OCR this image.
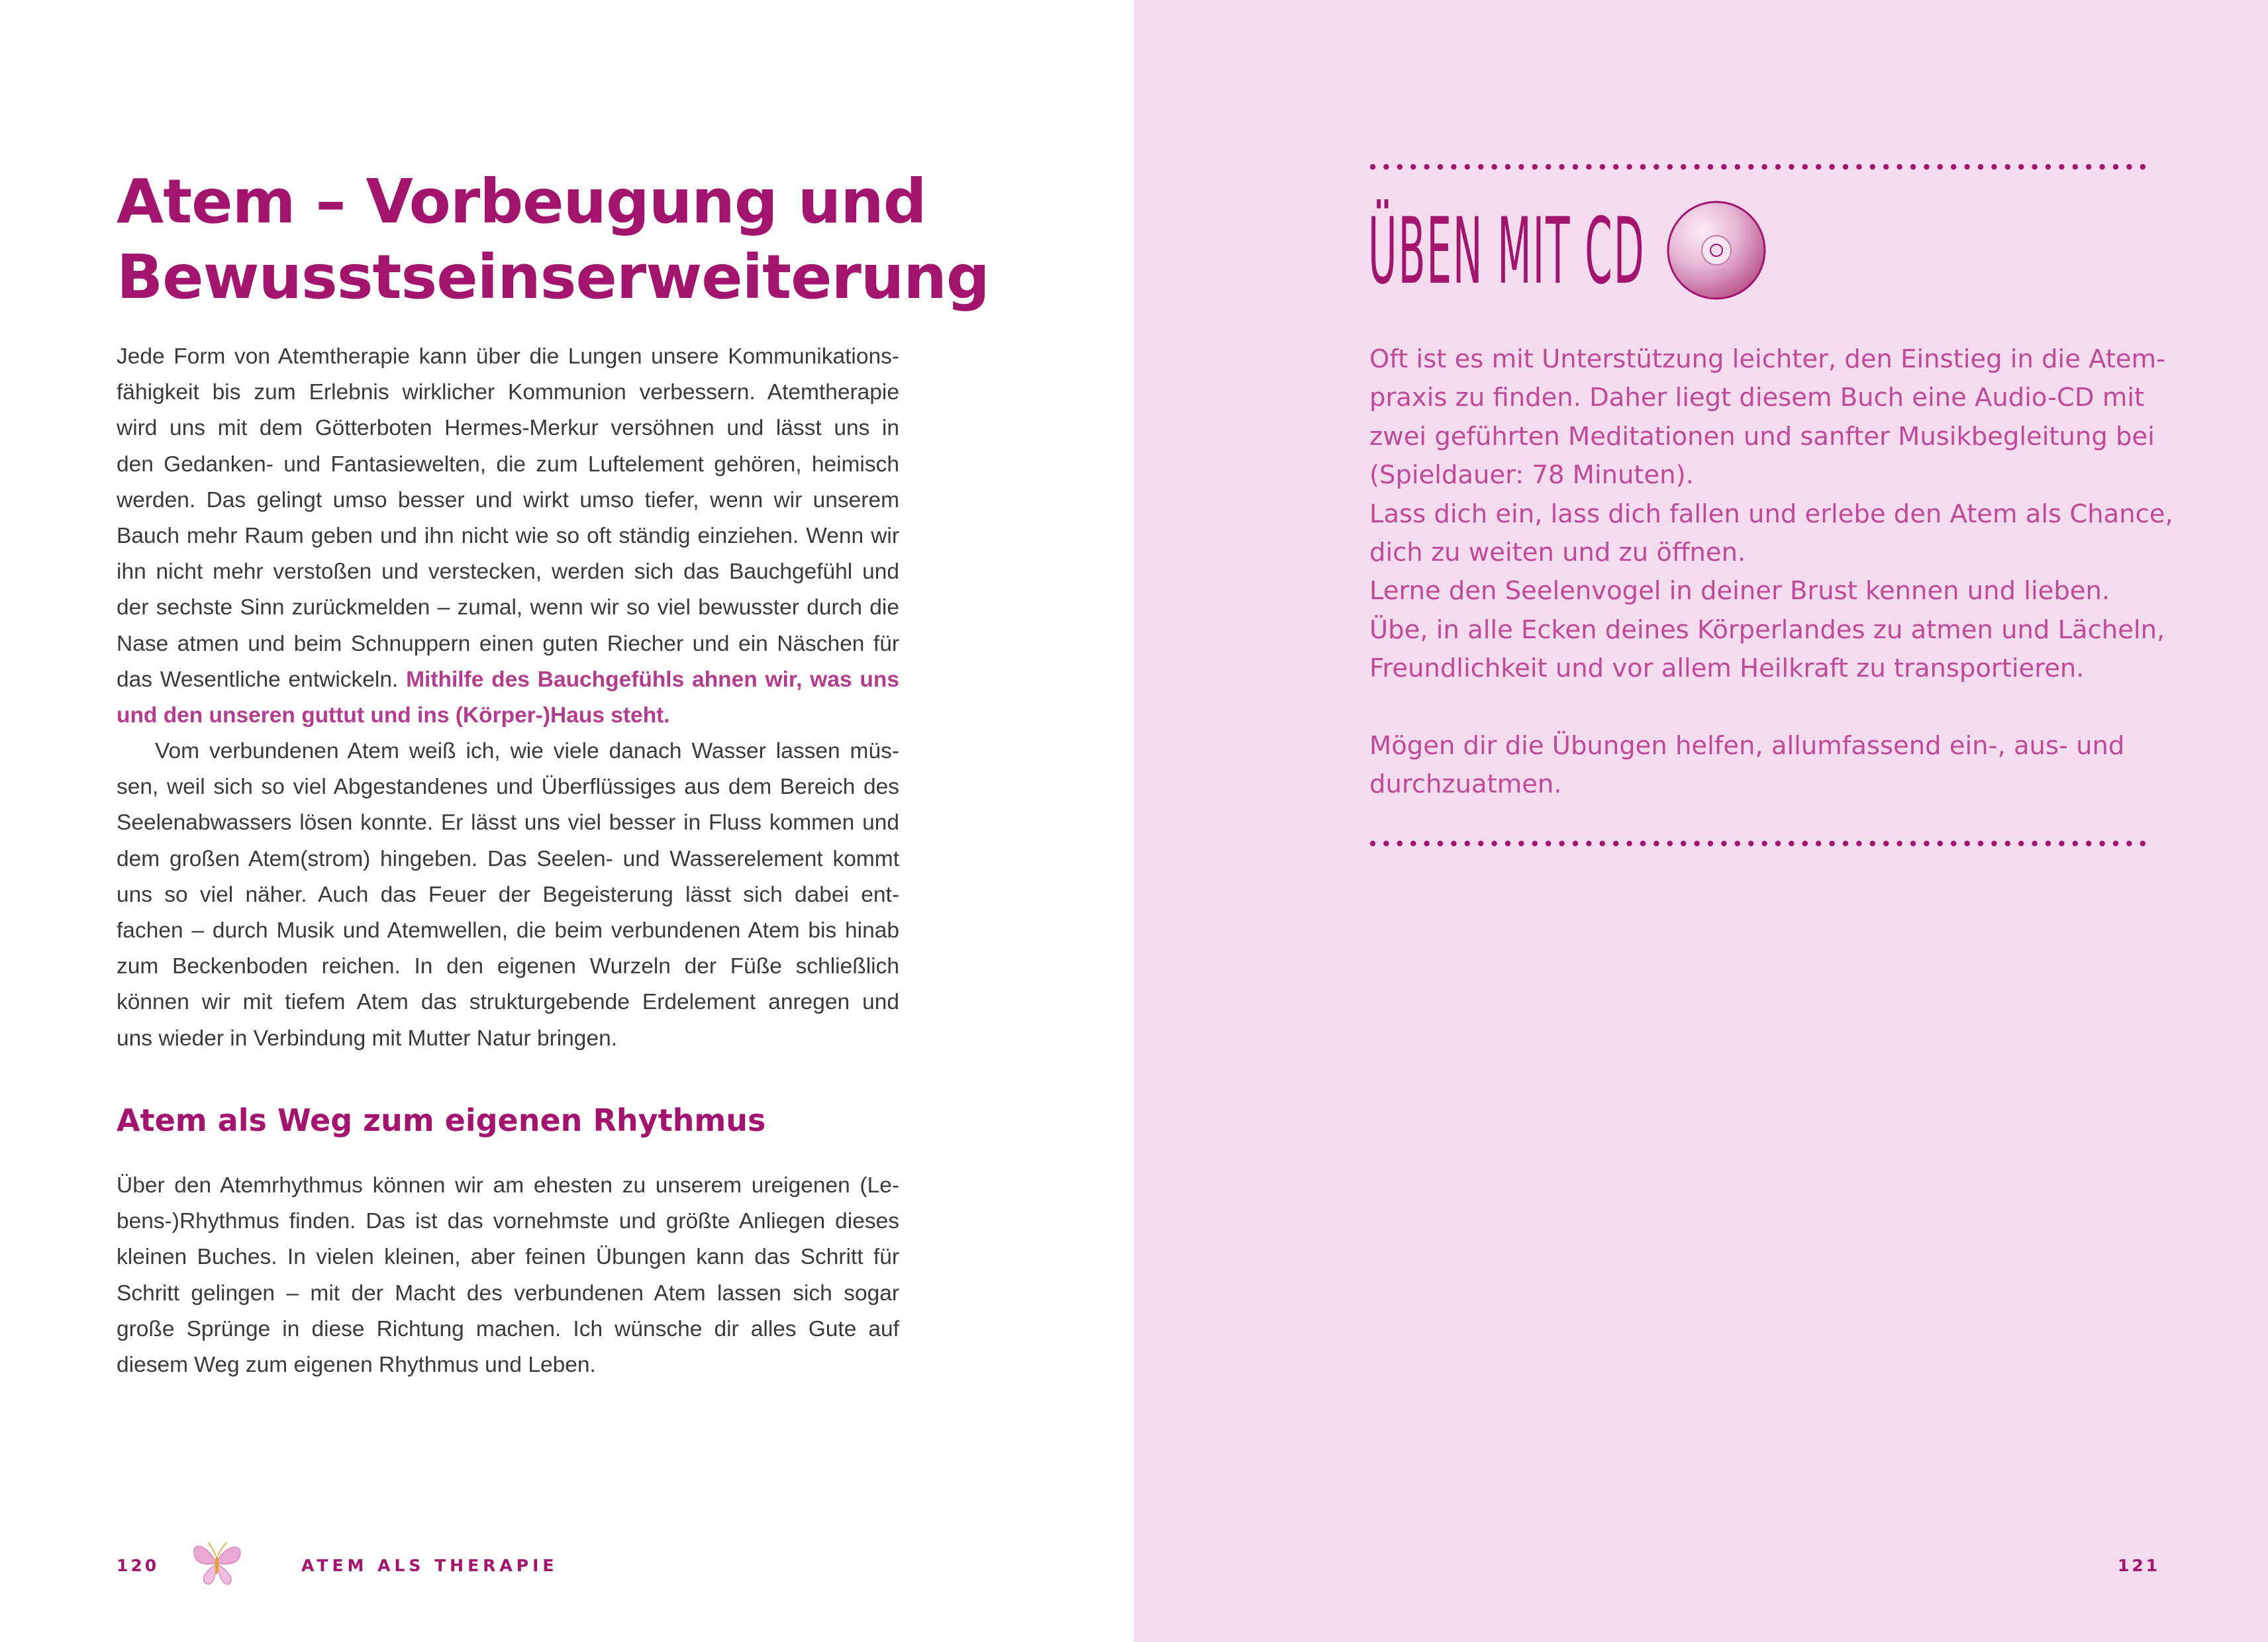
Atem – Vorbeugung und
Bewusstseinserweiterung
Jede Form von Atemtherapie kann über die Lungen unsere Kommunikations-
fähigkeit bis zum Erlebnis wirklicher Kommunion verbessern. Atemtherapie
wird uns mit dem Götterboten Hermes-Merkur versöhnen und lässt uns in
den Gedanken- und Fantasiewelten, die zum Luftelement gehören, heimisch
werden. Das gelingt umso besser und wirkt umso tiefer, wenn wir unserem
Bauch mehr Raum geben und ihn nicht wie so oft ständig einziehen. Wenn wir
ihn nicht mehr verstoßen und verstecken, werden sich das Bauchgefühl und
der sechste Sinn zurückmelden – zumal, wenn wir so viel bewusster durch die
Nase atmen und beim Schnuppern einen guten Riecher und ein Näschen für
das Wesentliche entwickeln. Mithilfe des Bauchgefühls ahnen wir, was uns
und den unseren guttut und ins (Körper-)Haus steht.
Vom verbundenen Atem weiß ich, wie viele danach Wasser lassen müs-
sen, weil sich so viel Abgestandenes und Überflüssiges aus dem Bereich des
Seelenabwassers lösen konnte. Er lässt uns viel besser in Fluss kommen und
dem großen Atem(strom) hingeben. Das Seelen- und Wasserelement kommt
uns so viel näher. Auch das Feuer der Begeisterung lässt sich dabei ent-
fachen – durch Musik und Atemwellen, die beim verbundenen Atem bis hinab
zum Beckenboden reichen. In den eigenen Wurzeln der Füße schließlich
können wir mit tiefem Atem das strukturgebende Erdelement anregen und
uns wieder in Verbindung mit Mutter Natur bringen.
Atem als Weg zum eigenen Rhythmus
Über den Atemrhythmus können wir am ehesten zu unserem ureigenen (Le-
bens-)Rhythmus finden. Das ist das vornehmste und größte Anliegen dieses
kleinen Buches. In vielen kleinen, aber feinen Übungen kann das Schritt für
Schritt gelingen – mit der Macht des verbundenen Atem lassen sich sogar
große Sprünge in diese Richtung machen. Ich wünsche dir alles Gute auf
diesem Weg zum eigenen Rhythmus und Leben.
120	ATEM ALS THERAPIE
ÜBEN MIT CD
Oft ist es mit Unterstützung leichter, den Einstieg in die Atem-
praxis zu finden. Daher liegt diesem Buch eine Audio-CD mit
zwei geführten Meditationen und sanfter Musikbegleitung bei
(Spieldauer: 78 Minuten).
Lass dich ein, lass dich fallen und erlebe den Atem als Chance,
dich zu weiten und zu öffnen.
Lerne den Seelenvogel in deiner Brust kennen und lieben.
Übe, in alle Ecken deines Körperlandes zu atmen und Lächeln,
Freundlichkeit und vor allem Heilkraft zu transportieren.
Mögen dir die Übungen helfen, allumfassend ein-, aus- und
durchzuatmen.
121
